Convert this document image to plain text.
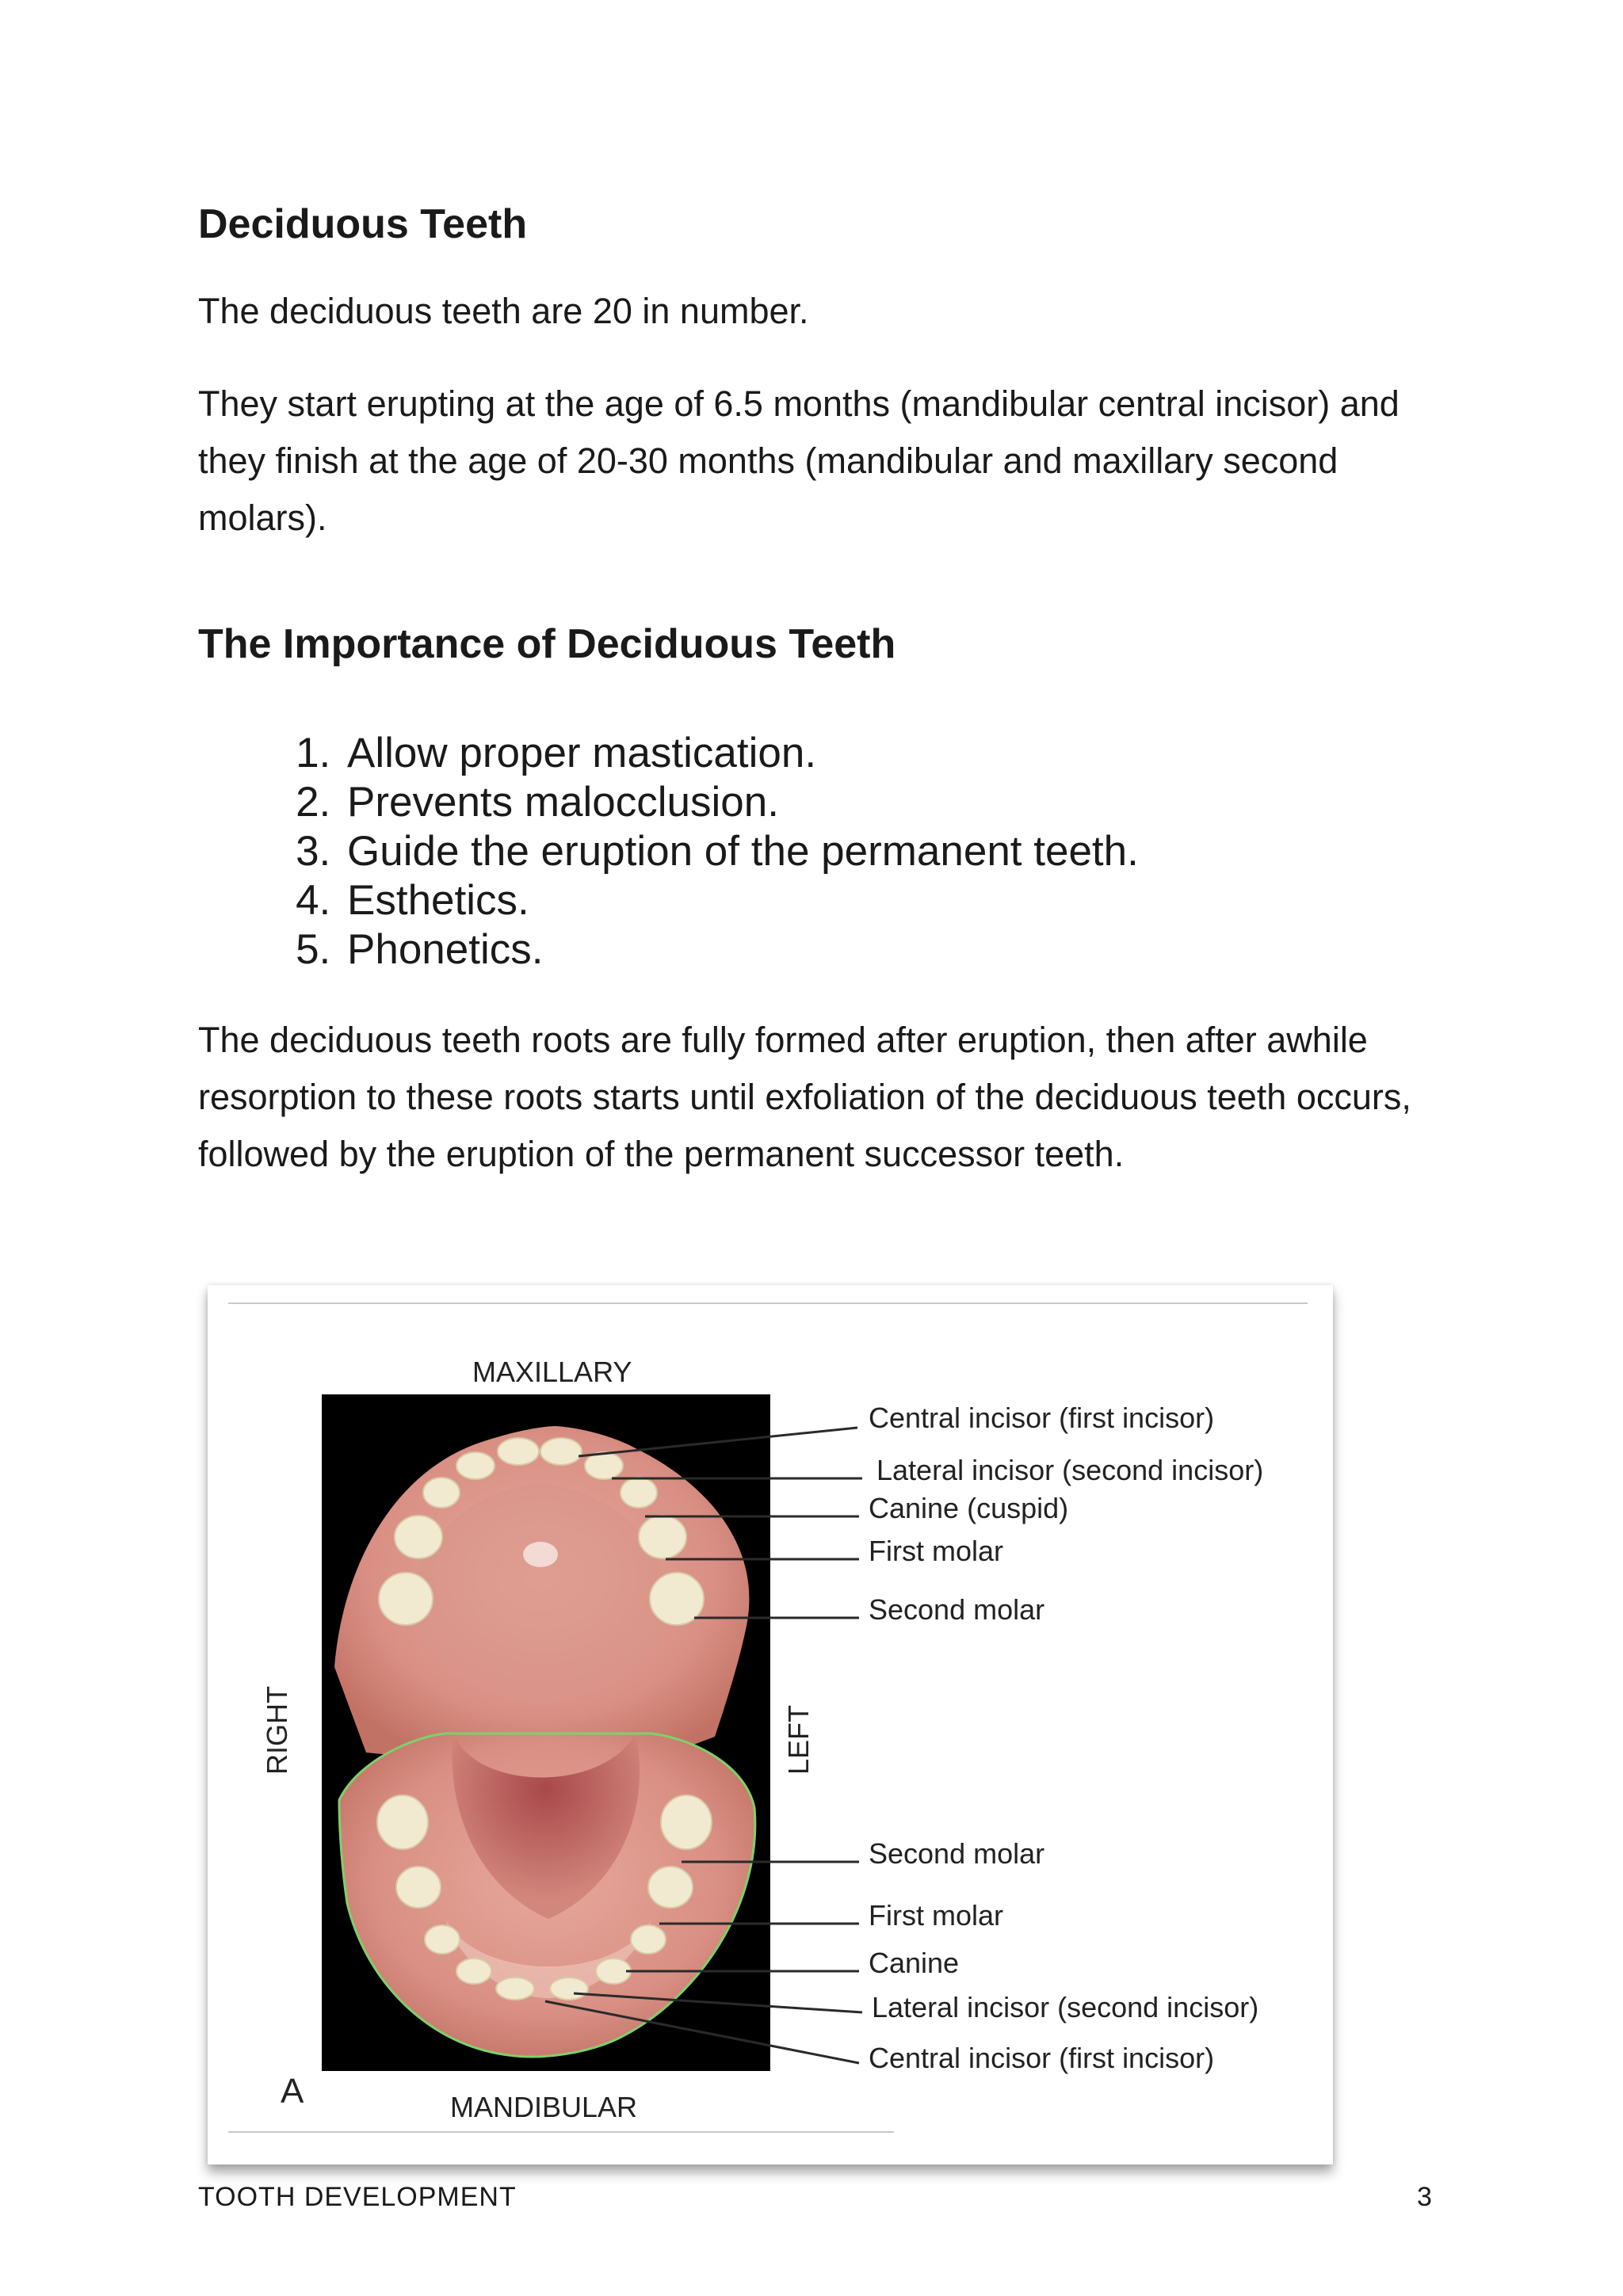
Deciduous Teeth

The deciduous teeth are 20 in number.

They start erupting at the age of 6.5 months (mandibular central incisor) and they finish at the age of 20-30 months (mandibular and maxillary second molars).

The Importance of Deciduous Teeth
1. Allow proper mastication.
2. Prevents malocclusion.
3. Guide the eruption of the permanent teeth.
4. Esthetics.
5. Phonetics.

The deciduous teeth roots are fully formed after eruption, then after awhile resorption to these roots starts until exfoliation of the deciduous teeth occurs, followed by the eruption of the permanent successor teeth.

MAXILLARY
MANDIBULAR
RIGHT	LEFT
A
Central incisor (first incisor)
Lateral incisor (second incisor)
Canine (cuspid)
First molar
Second molar
Second molar
First molar
Canine
Lateral incisor (second incisor)
Central incisor (first incisor)
TOOTH DEVELOPMENT	3
